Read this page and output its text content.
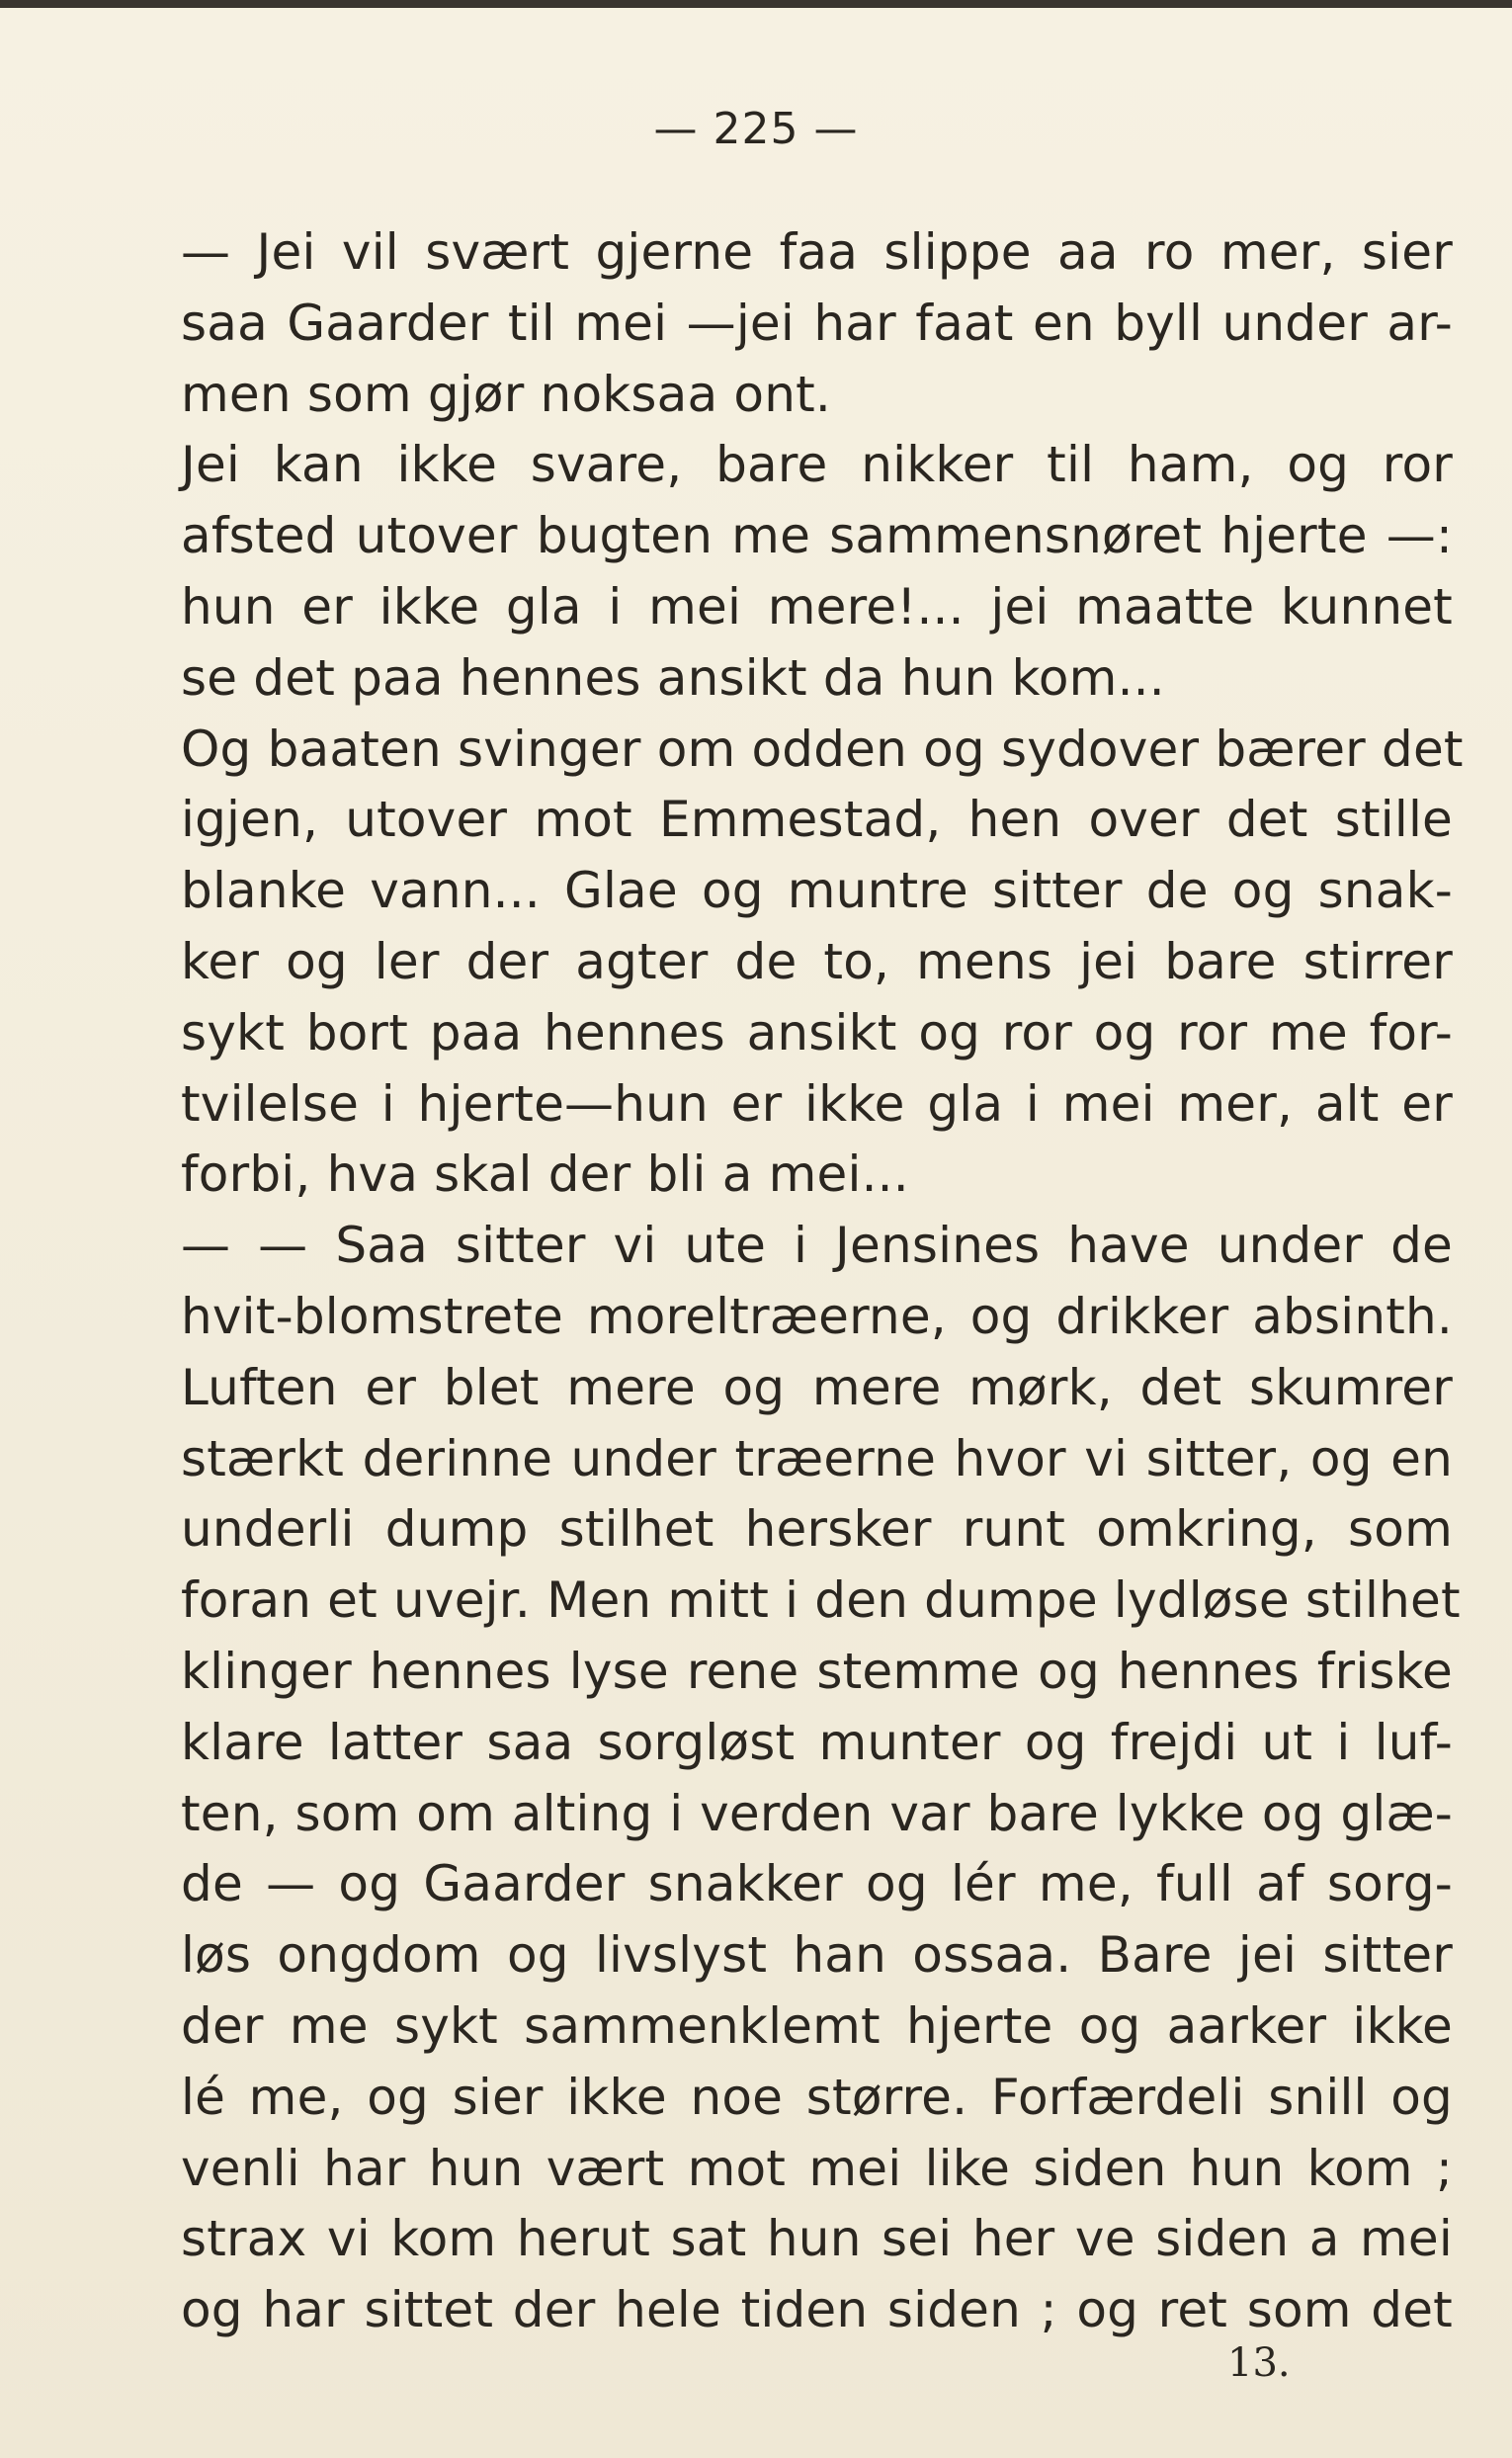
— 225 —
— Jei vil svært gjerne faa slippe aa ro mer, sier
saa Gaarder til mei —jei har faat en byll under ar-
men som gjør noksaa ont.
Jei kan ikke svare, bare nikker til ham, og ror
afsted utover bugten me sammensnøret hjerte —:
hun er ikke gla i mei mere!... jei maatte kunnet
se det paa hennes ansikt da hun kom...
Og baaten svinger om odden og sydover bærer det
igjen, utover mot Emmestad, hen over det stille
blanke vann... Glae og muntre sitter de og snak-
ker og ler der agter de to, mens jei bare stirrer
sykt bort paa hennes ansikt og ror og ror me for-
tvilelse i hjerte—hun er ikke gla i mei mer, alt er
forbi, hva skal der bli a mei...
— — Saa sitter vi ute i Jensines have under de
hvit-blomstrete moreltræerne, og drikker absinth.
Luften er blet mere og mere mørk, det skumrer
stærkt derinne under træerne hvor vi sitter, og en
underli dump stilhet hersker runt omkring, som
foran et uvejr. Men mitt i den dumpe lydløse stilhet
klinger hennes lyse rene stemme og hennes friske
klare latter saa sorgløst munter og frejdi ut i luf-
ten, som om alting i verden var bare lykke og glæ-
de — og Gaarder snakker og lér me, full af sorg-
løs ongdom og livslyst han ossaa. Bare jei sitter
der me sykt sammenklemt hjerte og aarker ikke
lé me, og sier ikke noe større. Forfærdeli snill og
venli har hun vært mot mei like siden hun kom ;
strax vi kom herut sat hun sei her ve siden a mei
og har sittet der hele tiden siden ; og ret som det
13.
